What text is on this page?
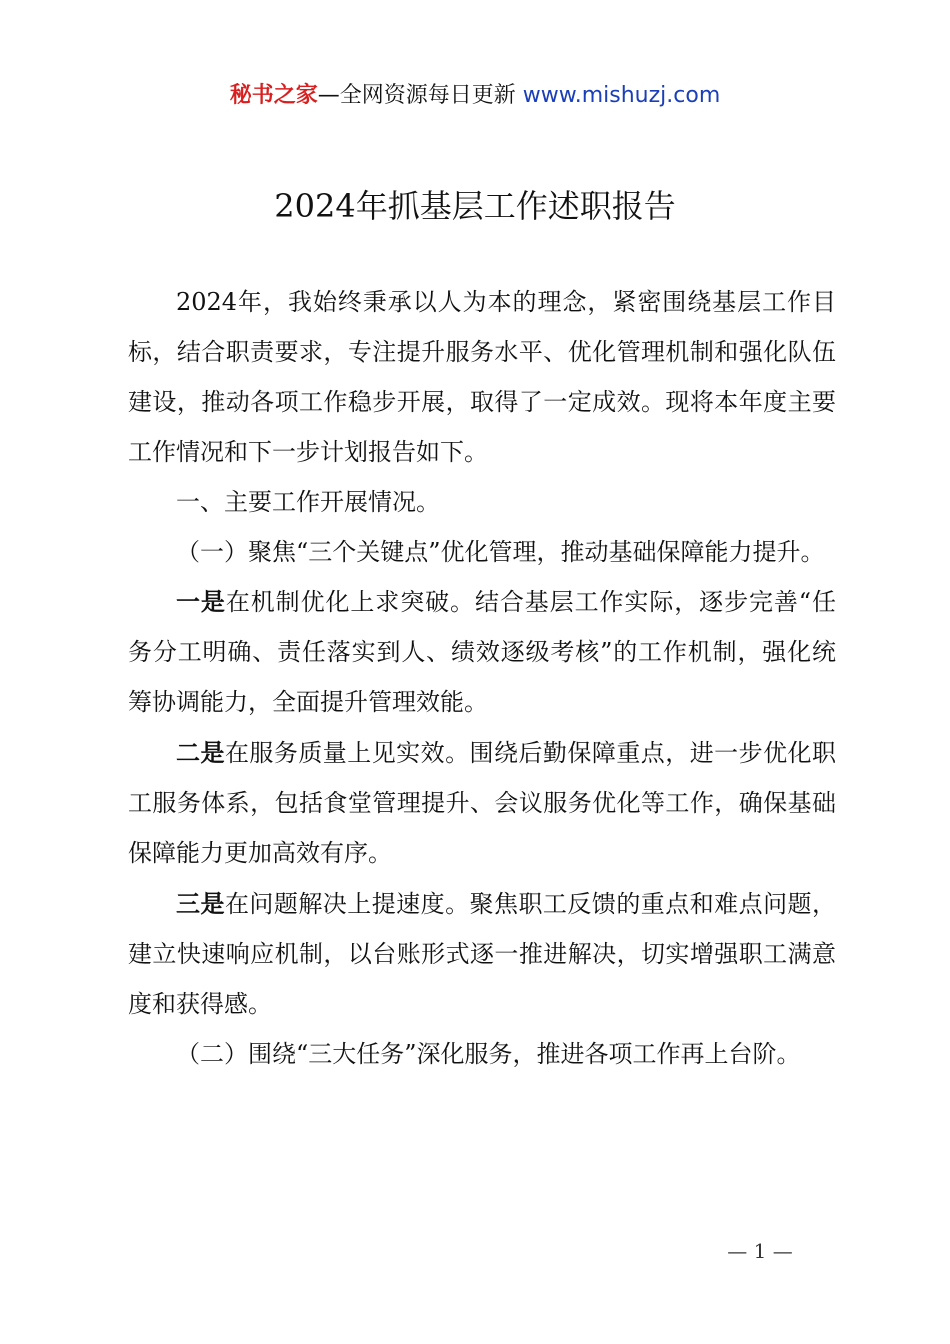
秘书之家—全网资源每日更新 www.mishuzj.com
2024年抓基层工作述职报告

2024年，我始终秉承以人为本的理念，紧密围绕基层工作目标，结合职责要求，专注提升服务水平、优化管理机制和强化队伍建设，推动各项工作稳步开展，取得了一定成效。现将本年度主要工作情况和下一步计划报告如下。

一、主要工作开展情况。

（一）聚焦“三个关键点”优化管理，推动基础保障能力提升。

一是在机制优化上求突破。结合基层工作实际，逐步完善“任务分工明确、责任落实到人、绩效逐级考核”的工作机制，强化统筹协调能力，全面提升管理效能。

二是在服务质量上见实效。围绕后勤保障重点，进一步优化职工服务体系，包括食堂管理提升、会议服务优化等工作，确保基础保障能力更加高效有序。

三是在问题解决上提速度。聚焦职工反馈的重点和难点问题，建立快速响应机制，以台账形式逐一推进解决，切实增强职工满意度和获得感。

（二）围绕“三大任务”深化服务，推进各项工作再上台阶。

— 1 —
